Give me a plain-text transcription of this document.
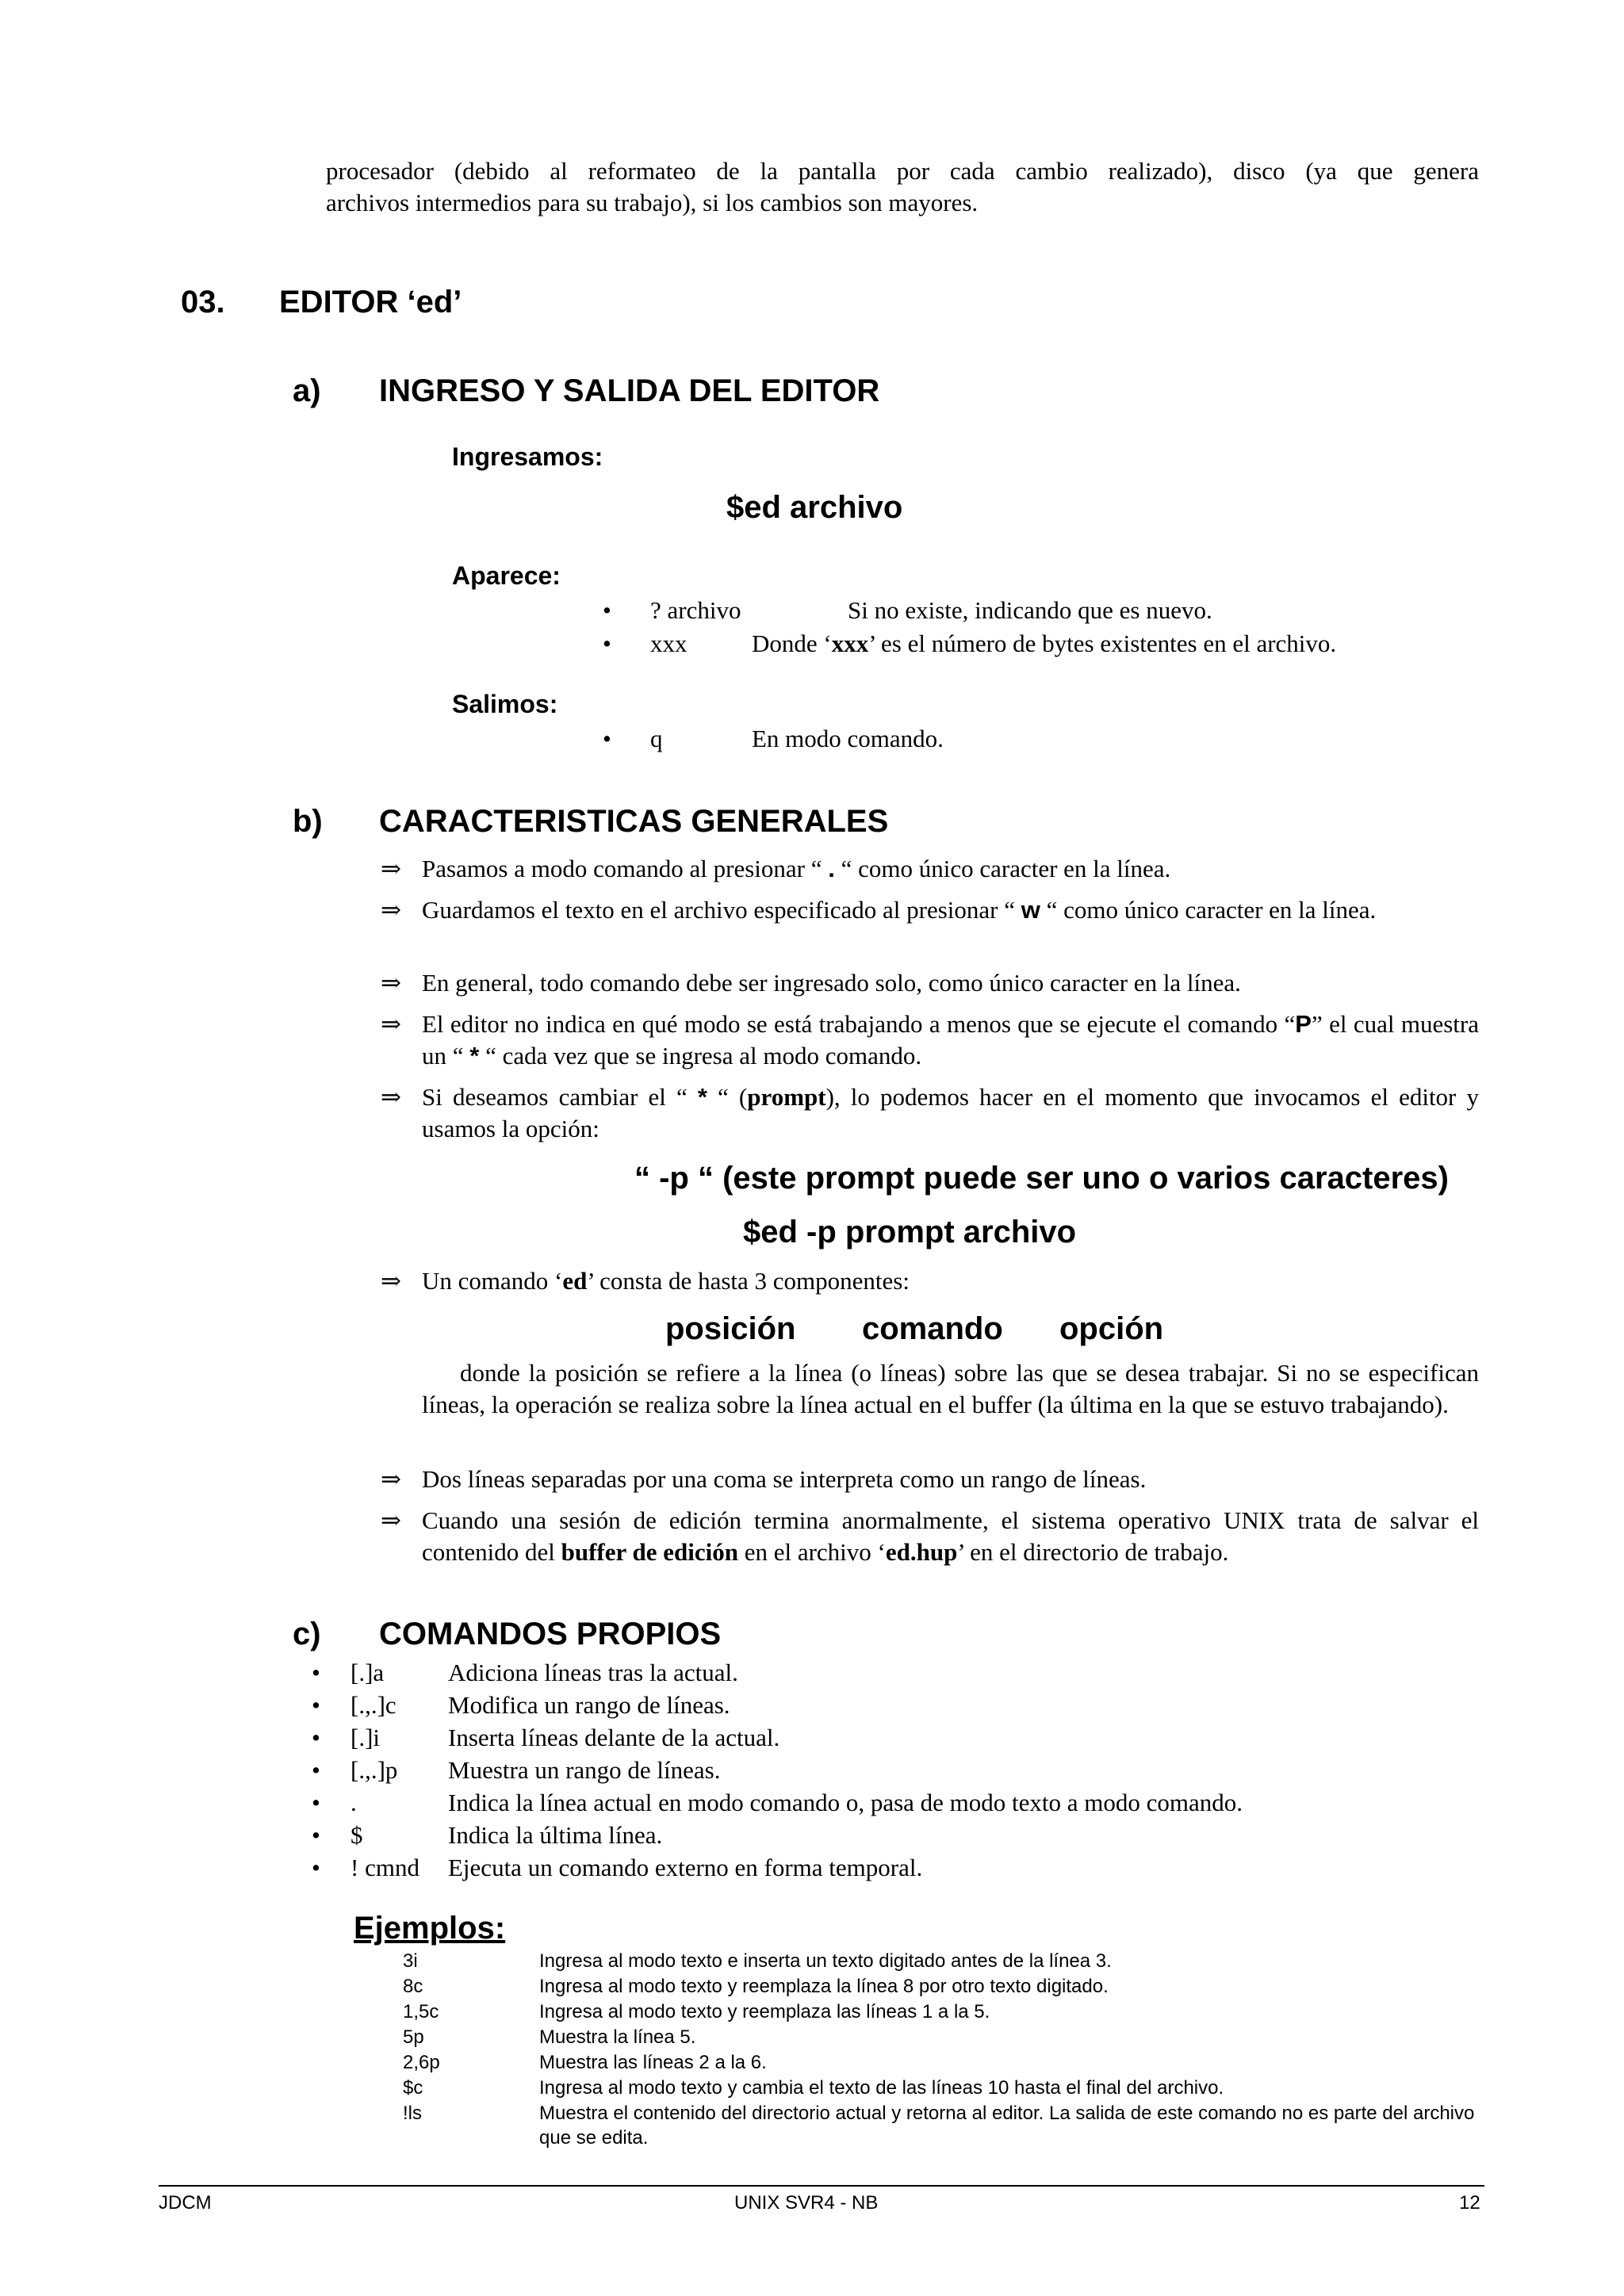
procesador (debido al reformateo de la pantalla por cada cambio realizado), disco (ya que genera
archivos intermedios para su trabajo), si los cambios son mayores.
03. EDITOR ‘ed’
a) INGRESO Y SALIDA DEL EDITOR
Ingresamos:
$ed archivo
Aparece:
• ? archivo	Si no existe, indicando que es nuevo.
• xxx	Donde ‘xxx’ es el número de bytes existentes en el archivo.
Salimos:
• q	En modo comando.
b) CARACTERISTICAS GENERALES
⇒ Pasamos a modo comando al presionar “ . “ como único caracter en la línea.
⇒ Guardamos el texto en el archivo especificado al presionar “ w “ como único caracter en la línea.
⇒ En general, todo comando debe ser ingresado solo, como único caracter en la línea.
⇒ El editor no indica en qué modo se está trabajando a menos que se ejecute el comando “P” el cual muestra un “ * “ cada vez que se ingresa al modo comando.
⇒ Si deseamos cambiar el “ * “ (prompt), lo podemos hacer en el momento que invocamos el editor y usamos la opción:
“ -p “ (este prompt puede ser uno o varios caracteres)
$ed -p prompt archivo
⇒ Un comando ‘ed’ consta de hasta 3 componentes:
posición comando opción
donde la posición se refiere a la línea (o líneas) sobre las que se desea trabajar. Si no se especifican líneas, la operación se realiza sobre la línea actual en el buffer (la última en la que se estuvo trabajando).
⇒ Dos líneas separadas por una coma se interpreta como un rango de líneas.
⇒ Cuando una sesión de edición termina anormalmente, el sistema operativo UNIX trata de salvar el contenido del buffer de edición en el archivo ‘ed.hup’ en el directorio de trabajo.
c) COMANDOS PROPIOS
• [.]a	Adiciona líneas tras la actual.
• [.,.]c Modifica un rango de líneas.
• [.]i	Inserta líneas delante de la actual.
• [.,.]p Muestra un rango de líneas.
• .	Indica la línea actual en modo comando o, pasa de modo texto a modo comando.
• $	Indica la última línea.
• ! cmnd Ejecuta un comando externo en forma temporal.
Ejemplos:
3i	Ingresa al modo texto e inserta un texto digitado antes de la línea 3.
8c	Ingresa al modo texto y reemplaza la línea 8 por otro texto digitado.
1,5c	Ingresa al modo texto y reemplaza las líneas 1 a la 5.
5p	Muestra la línea 5.
2,6p	Muestra las líneas 2 a la 6.
$c	Ingresa al modo texto y cambia el texto de las líneas 10 hasta el final del archivo.
!ls	Muestra el contenido del directorio actual y retorna al editor. La salida de este comando no es parte del archivo que se edita.
JDCM	UNIX SVR4 - NB	12
